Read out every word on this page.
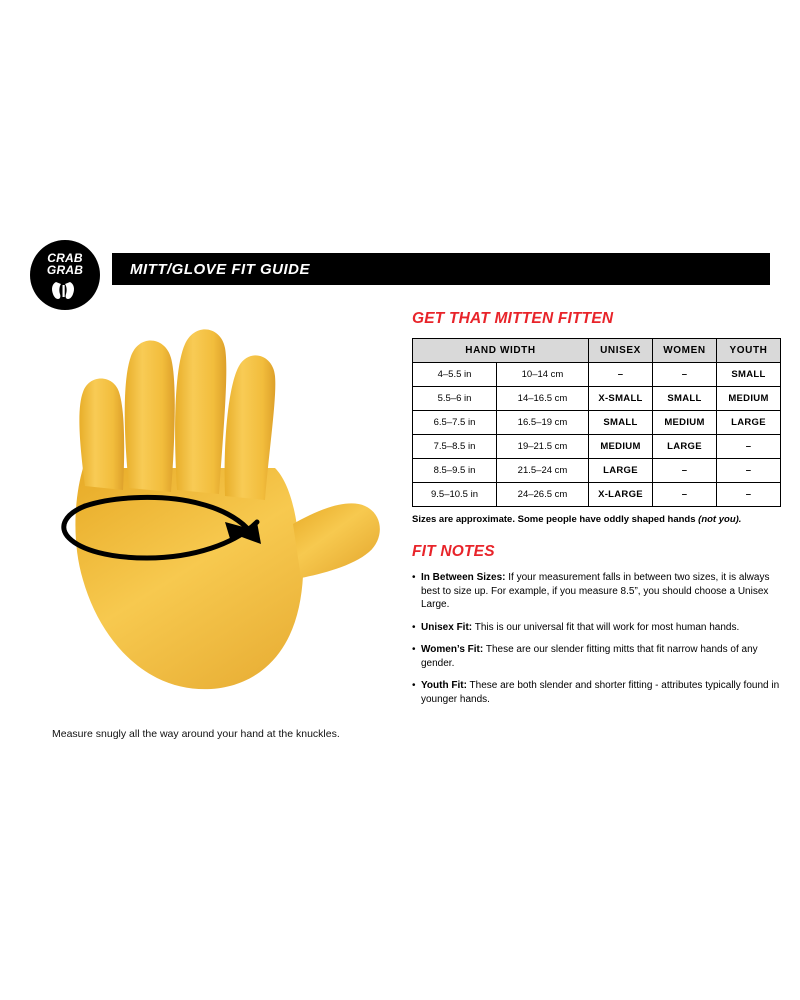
CRAB
GRAB	MITT/GLOVE FIT GUIDE
Measure snugly all the way around your hand at the knuckles.
GET THAT MITTEN FITTEN
HAND WIDTH		UNISEX	WOMEN	YOUTH
4–5.5 in	10–14 cm	–	–	SMALL
5.5–6 in	14–16.5 cm	X-SMALL	SMALL	MEDIUM
6.5–7.5 in	16.5–19 cm	SMALL	MEDIUM	LARGE
7.5–8.5 in	19–21.5 cm	MEDIUM	LARGE	–
8.5–9.5 in	21.5–24 cm	LARGE	–	–
9.5–10.5 in	24–26.5 cm	X-LARGE	–	–
Sizes are approximate. Some people have oddly shaped hands (not you).
FIT NOTES
• In Between Sizes: If your measurement falls in between two sizes, it is always best to size up. For example, if you measure 8.5”, you should choose a Unisex Large.
• Unisex Fit: This is our universal fit that will work for most human hands.
• Women’s Fit: These are our slender fitting mitts that fit narrow hands of any gender.
• Youth Fit: These are both slender and shorter fitting - attributes typically found in younger hands.
